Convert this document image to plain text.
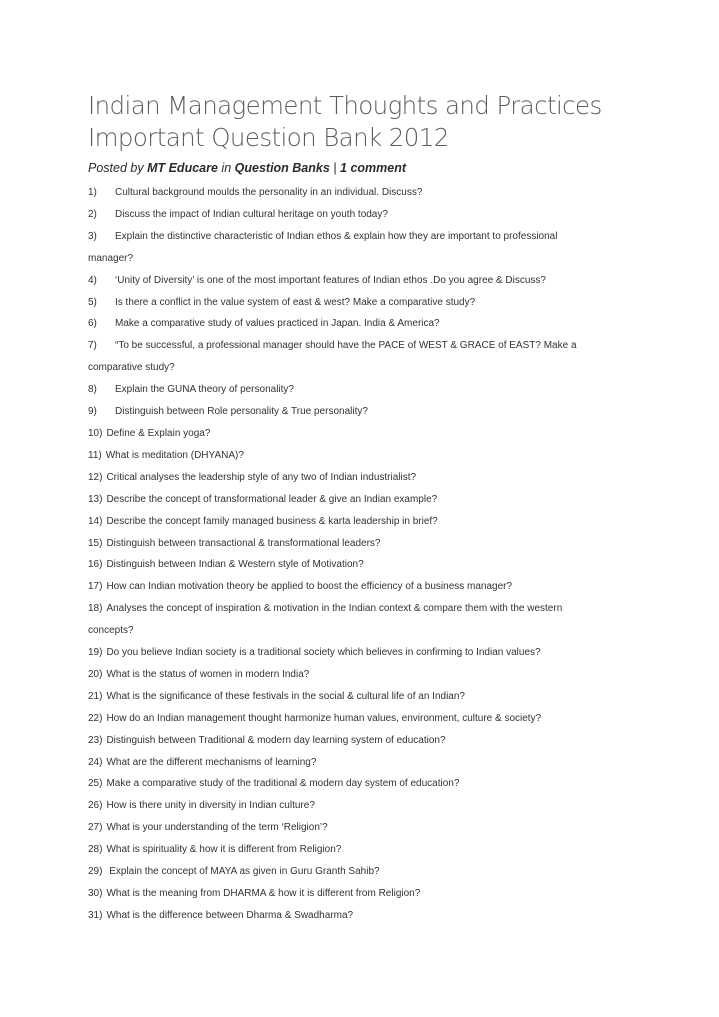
Indian Management Thoughts and Practices Important Question Bank 2012
Posted by MT Educare in Question Banks | 1 comment
1) Cultural background moulds the personality in an individual. Discuss?
2) Discuss the impact of Indian cultural heritage on youth today?
3) Explain the distinctive characteristic of Indian ethos & explain how they are important to professional
manager?
4) ‘Unity of Diversity’ is one of the most important features of Indian ethos .Do you agree & Discuss?
5) Is there a conflict in the value system of east & west? Make a comparative study?
6) Make a comparative study of values practiced in Japan. India & America?
7) “To be successful, a professional manager should have the PACE of WEST & GRACE of EAST? Make a
comparative study?
8) Explain the GUNA theory of personality?
9) Distinguish between Role personality & True personality?
10) Define & Explain yoga?
11) What is meditation (DHYANA)?
12) Critical analyses the leadership style of any two of Indian industrialist?
13) Describe the concept of transformational leader & give an Indian example?
14) Describe the concept family managed business & karta leadership in brief?
15) Distinguish between transactional & transformational leaders?
16) Distinguish between Indian & Western style of Motivation?
17) How can Indian motivation theory be applied to boost the efficiency of a business manager?
18) Analyses the concept of inspiration & motivation in the Indian context & compare them with the western
concepts?
19) Do you believe Indian society is a traditional society which believes in confirming to Indian values?
20) What is the status of women in modern India?
21) What is the significance of these festivals in the social & cultural life of an Indian?
22) How do an Indian management thought harmonize human values, environment, culture & society?
23) Distinguish between Traditional & modern day learning system of education?
24) What are the different mechanisms of learning?
25) Make a comparative study of the traditional & modern day system of education?
26) How is there unity in diversity in Indian culture?
27) What is your understanding of the term ‘Religion’?
28) What is spirituality & how it is different from Religion?
29) Explain the concept of MAYA as given in Guru Granth Sahib?
30) What is the meaning from DHARMA & how it is different from Religion?
31) What is the difference between Dharma & Swadharma?
